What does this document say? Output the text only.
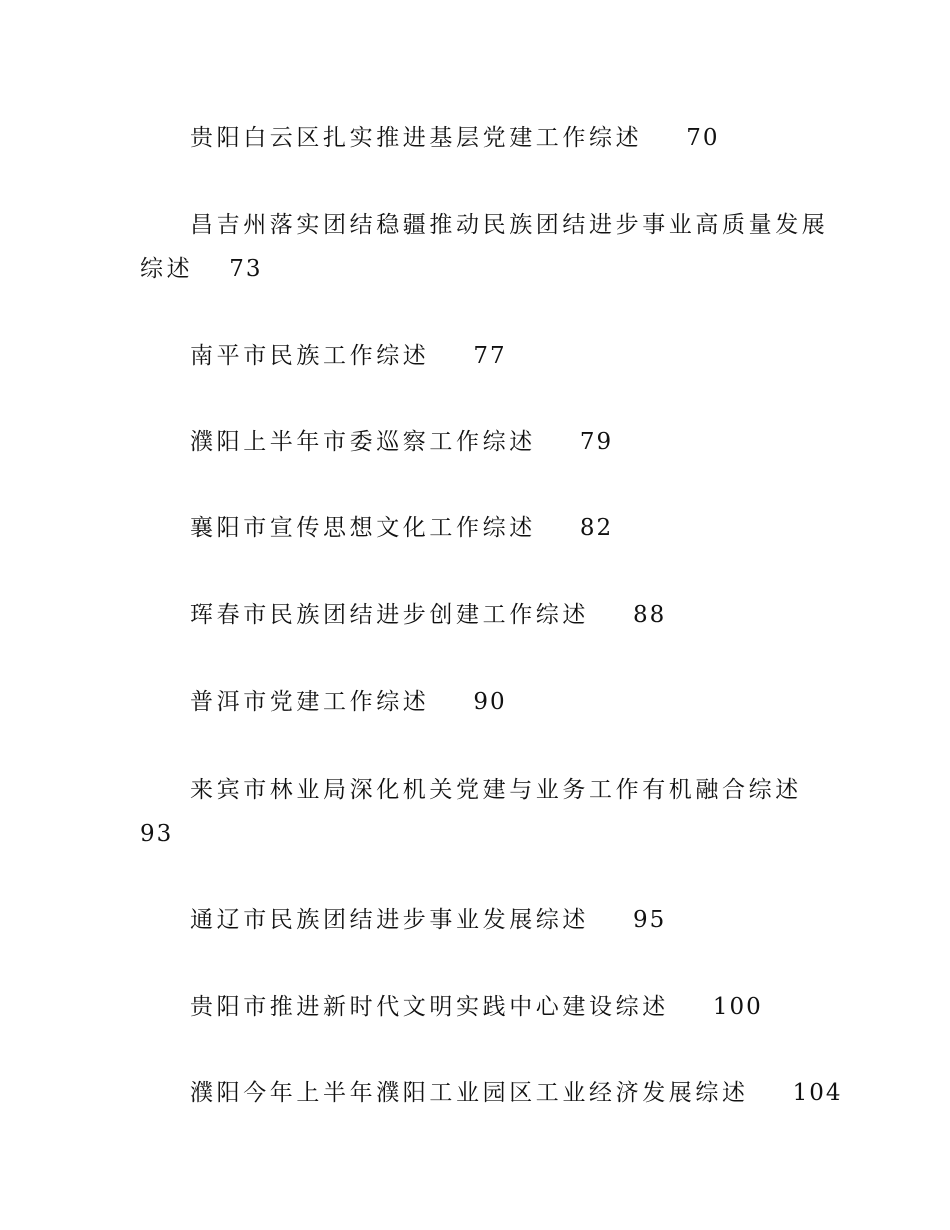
贵阳白云区扎实推进基层党建工作综述 70
昌吉州落实团结稳疆推动民族团结进步事业高质量发展综述 73
南平市民族工作综述 77
濮阳上半年市委巡察工作综述 79
襄阳市宣传思想文化工作综述 82
珲春市民族团结进步创建工作综述 88
普洱市党建工作综述 90
来宾市林业局深化机关党建与业务工作有机融合综述
93
通辽市民族团结进步事业发展综述 95
贵阳市推进新时代文明实践中心建设综述 100
濮阳今年上半年濮阳工业园区工业经济发展综述 104
